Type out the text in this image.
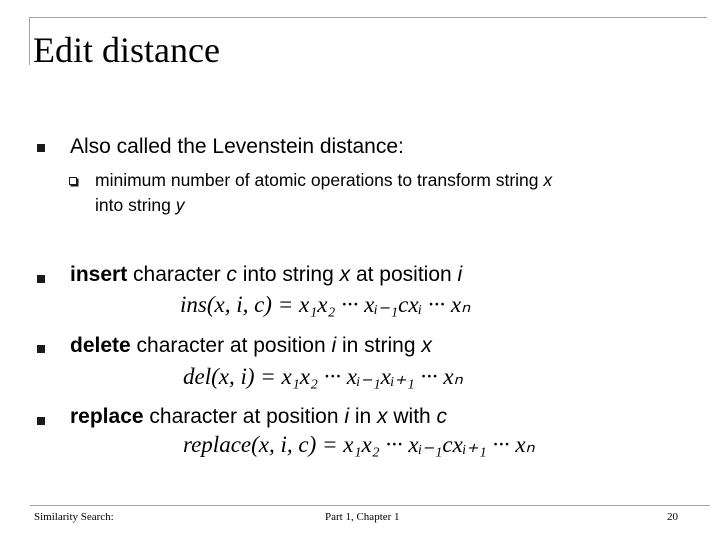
Edit distance
Also called the Levenstein distance:
minimum number of atomic operations to transform string x
into string y
insert character c into string x at position i
ins(x, i, c) = x₁x₂ ··· xᵢ₋₁cxᵢ ··· xₙ
delete character at position i in string x
del(x, i) = x₁x₂ ··· xᵢ₋₁xᵢ₊₁ ··· xₙ
replace character at position i in x with c
replace(x, i, c) = x₁x₂ ··· xᵢ₋₁cxᵢ₊₁ ··· xₙ
Similarity Search:	Part 1, Chapter 1	20
